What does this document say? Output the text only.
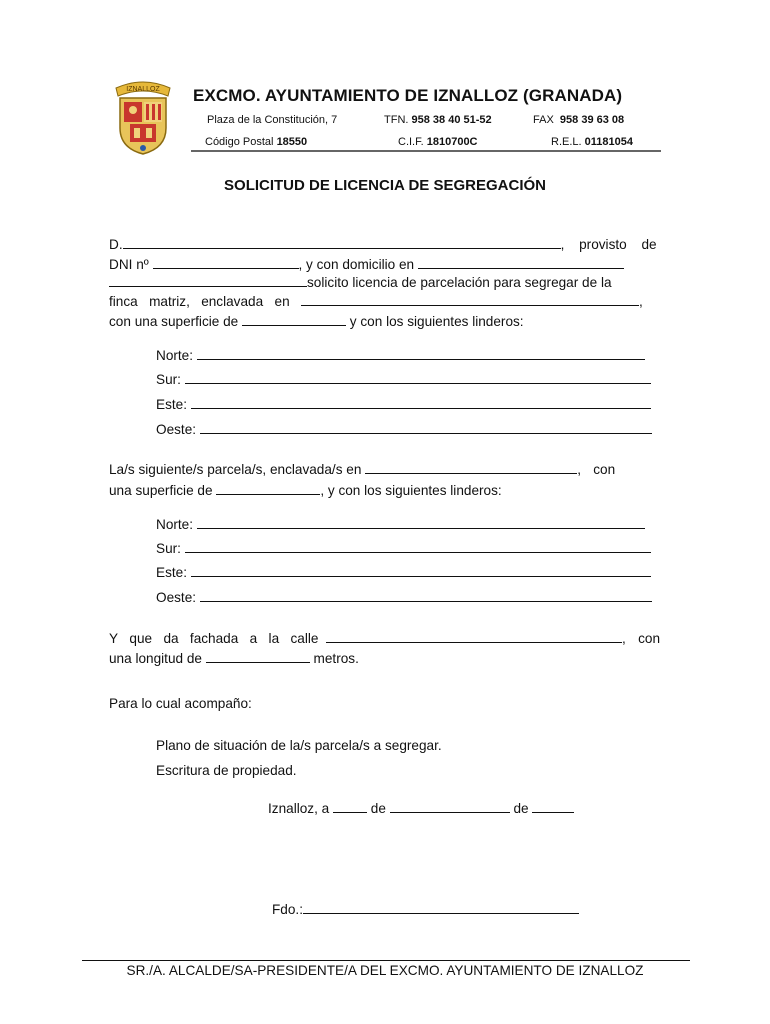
IZNALLOZ EXCMO. AYUNTAMIENTO DE IZNALLOZ (GRANADA)
Plaza de la Constitución, 7	TFN. 958 38 40 51-52	FAX 958 39 63 08
Código Postal 18550	C.I.F. 1810700C	R.E.L. 01181054
SOLICITUD DE LICENCIA DE SEGREGACIÓN
D.	, provisto de
DNI nº	, y con domicilio en
solicito licencia de parcelación para segregar de la
finca matriz, enclavada en	,
con una superficie de	y con los siguientes linderos:
Norte:
Sur:
Este:
Oeste:
La/s siguiente/s parcela/s, enclavada/s en	, con
una superficie de	, y con los siguientes linderos:
Norte:
Sur:
Este:
Oeste:
Y que da fachada a la calle	, con
una longitud de	metros.
Para lo cual acompaño:
Plano de situación de la/s parcela/s a segregar.
Escritura de propiedad.
Iznalloz, a	de	de
Fdo.:
SR./A. ALCALDE/SA-PRESIDENTE/A DEL EXCMO. AYUNTAMIENTO DE IZNALLOZ
